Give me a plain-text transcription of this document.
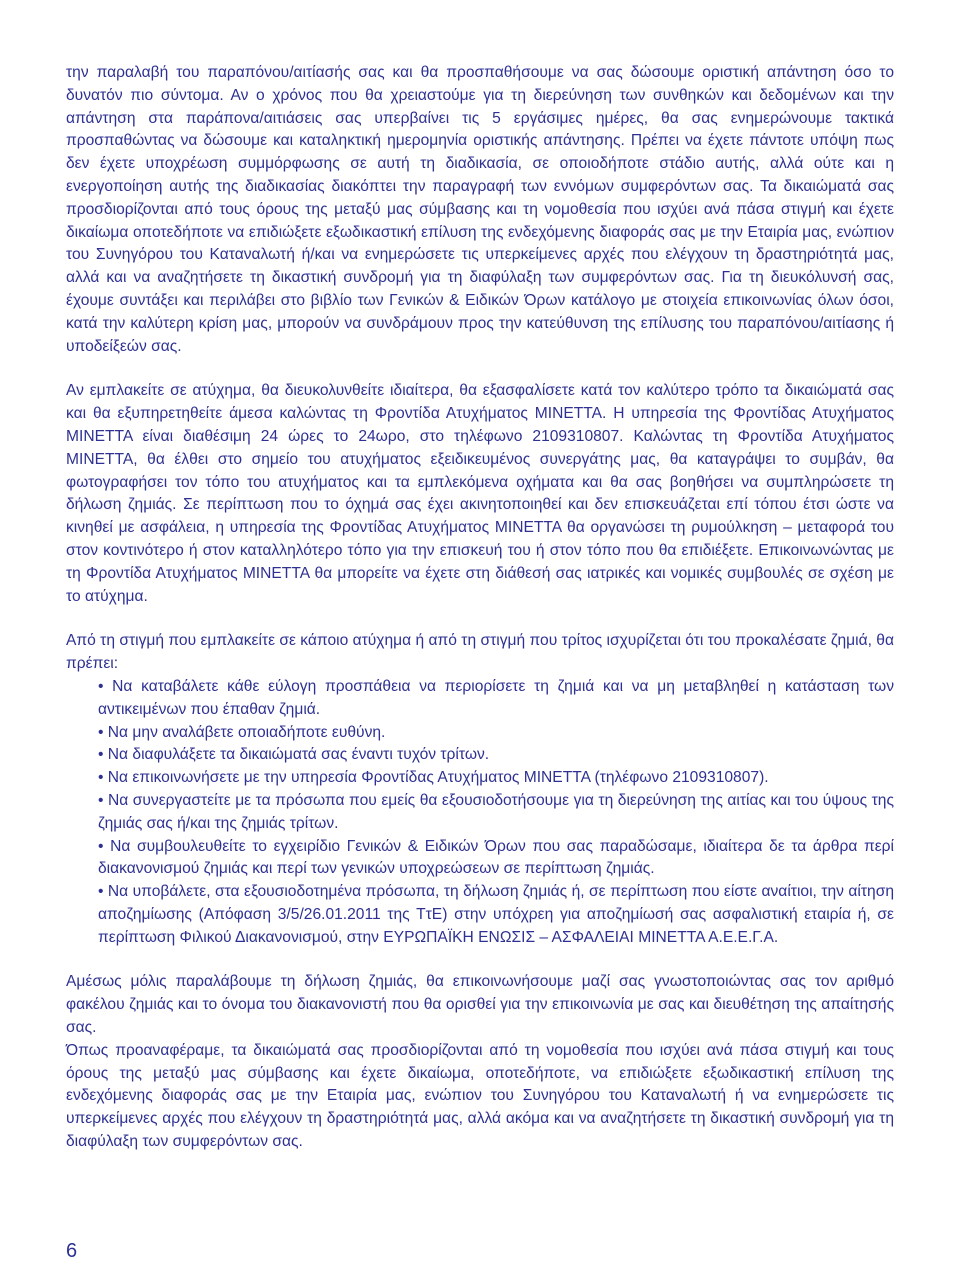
την παραλαβή του παραπόνου/αιτίασής σας και θα προσπαθήσουμε να σας δώσουμε οριστική απάντηση όσο το δυνατόν πιο σύντομα. Αν ο χρόνος που θα χρειαστούμε για τη διερεύνηση των συνθηκών και δεδομένων και την απάντηση στα παράπονα/αιτιάσεις σας υπερβαίνει τις 5 εργάσιμες ημέρες, θα σας ενημερώνουμε τακτικά προσπαθώντας να δώσουμε και καταληκτική ημερομηνία οριστικής απάντησης. Πρέπει να έχετε πάντοτε υπόψη πως δεν έχετε υποχρέωση συμμόρφωσης σε αυτή τη διαδικασία, σε οποιοδήποτε στάδιο αυτής, αλλά ούτε και η ενεργοποίηση αυτής της διαδικασίας διακόπτει την παραγραφή των εννόμων συμφερόντων σας. Τα δικαιώματά σας προσδιορίζονται από τους όρους της μεταξύ μας σύμβασης και τη νομοθεσία που ισχύει ανά πάσα στιγμή και έχετε δικαίωμα οποτεδήποτε να επιδιώξετε εξωδικαστική επίλυση της ενδεχόμενης διαφοράς σας με την Εταιρία μας, ενώπιον του Συνηγόρου του Καταναλωτή ή/και να ενημερώσετε τις υπερκείμενες αρχές που ελέγχουν τη δραστηριότητά μας, αλλά και να αναζητήσετε τη δικαστική συνδρομή για τη διαφύλαξη των συμφερόντων σας. Για τη διευκόλυνσή σας, έχουμε συντάξει και περιλάβει στο βιβλίο των Γενικών & Ειδικών Όρων κατάλογο με στοιχεία επικοινωνίας όλων όσοι, κατά την καλύτερη κρίση μας, μπορούν να συνδράμουν προς την κατεύθυνση της επίλυσης του παραπόνου/αιτίασης ή υποδείξεών σας.

Αν εμπλακείτε σε ατύχημα, θα διευκολυνθείτε ιδιαίτερα, θα εξασφαλίσετε κατά τον καλύτερο τρόπο τα δικαιώματά σας και θα εξυπηρετηθείτε άμεσα καλώντας τη Φροντίδα Ατυχήματος ΜΙΝΕΤΤΑ. Η υπηρεσία της Φροντίδας Ατυχήματος ΜΙΝΕΤΤΑ είναι διαθέσιμη 24 ώρες το 24ωρο, στο τηλέφωνο 2109310807. Καλώντας τη Φροντίδα Ατυχήματος ΜΙΝΕΤΤΑ, θα έλθει στο σημείο του ατυχήματος εξειδικευμένος συνεργάτης μας, θα καταγράψει το συμβάν, θα φωτογραφήσει τον τόπο του ατυχήματος και τα εμπλεκόμενα οχήματα και θα σας βοηθήσει να συμπληρώσετε τη δήλωση ζημιάς. Σε περίπτωση που το όχημά σας έχει ακινητοποιηθεί και δεν επισκευάζεται επί τόπου έτσι ώστε να κινηθεί με ασφάλεια, η υπηρεσία της Φροντίδας Ατυχήματος ΜΙΝΕΤΤΑ θα οργανώσει τη ρυμούλκηση – μεταφορά του στον κοντινότερο ή στον καταλληλότερο τόπο για την επισκευή του ή στον τόπο που θα επιδιέξετε. Επικοινωνώντας με τη Φροντίδα Ατυχήματος ΜΙΝΕΤΤΑ θα μπορείτε να έχετε στη διάθεσή σας ιατρικές και νομικές συμβουλές σε σχέση με το ατύχημα.

Από τη στιγμή που εμπλακείτε σε κάποιο ατύχημα ή από τη στιγμή που τρίτος ισχυρίζεται ότι του προκαλέσατε ζημιά, θα πρέπει:

• Να καταβάλετε κάθε εύλογη προσπάθεια να περιορίσετε τη ζημιά και να μη μεταβληθεί η κατάσταση των αντικειμένων που έπαθαν ζημιά.
• Να μην αναλάβετε οποιαδήποτε ευθύνη.
• Να διαφυλάξετε τα δικαιώματά σας έναντι τυχόν τρίτων.
• Να επικοινωνήσετε με την υπηρεσία Φροντίδας Ατυχήματος ΜΙΝΕΤΤΑ (τηλέφωνο 2109310807).
• Να συνεργαστείτε με τα πρόσωπα που εμείς θα εξουσιοδοτήσουμε για τη διερεύνηση της αιτίας και του ύψους της ζημιάς σας ή/και της ζημιάς τρίτων.
• Να συμβουλευθείτε το εγχειρίδιο Γενικών & Ειδικών Όρων που σας παραδώσαμε, ιδιαίτερα δε τα άρθρα περί διακανονισμού ζημιάς και περί των γενικών υποχρεώσεων σε περίπτωση ζημιάς.
• Να υποβάλετε, στα εξουσιοδοτημένα πρόσωπα, τη δήλωση ζημιάς ή, σε περίπτωση που είστε αναίτιοι, την αίτηση αποζημίωσης (Απόφαση 3/5/26.01.2011 της ΤτΕ) στην υπόχρεη για αποζημίωσή σας ασφαλιστική εταιρία ή, σε περίπτωση Φιλικού Διακανονισμού, στην ΕΥΡΩΠΑΪΚΗ ΕΝΩΣΙΣ – ΑΣΦΑΛΕΙΑΙ ΜΙΝΕΤΤΑ Α.Ε.Ε.Γ.Α.

Αμέσως μόλις παραλάβουμε τη δήλωση ζημιάς, θα επικοινωνήσουμε μαζί σας γνωστοποιώντας σας τον αριθμό φακέλου ζημιάς και το όνομα του διακανονιστή που θα ορισθεί για την επικοινωνία με σας και διευθέτηση της απαίτησής σας.

Όπως προαναφέραμε, τα δικαιώματά σας προσδιορίζονται από τη νομοθεσία που ισχύει ανά πάσα στιγμή και τους όρους της μεταξύ μας σύμβασης και έχετε δικαίωμα, οποτεδήποτε, να επιδιώξετε εξωδικαστική επίλυση της ενδεχόμενης διαφοράς σας με την Εταιρία μας, ενώπιον του Συνηγόρου του Καταναλωτή ή να ενημερώσετε τις υπερκείμενες αρχές που ελέγχουν τη δραστηριότητά μας, αλλά ακόμα και να αναζητήσετε τη δικαστική συνδρομή για τη διαφύλαξη των συμφερόντων σας.

6
